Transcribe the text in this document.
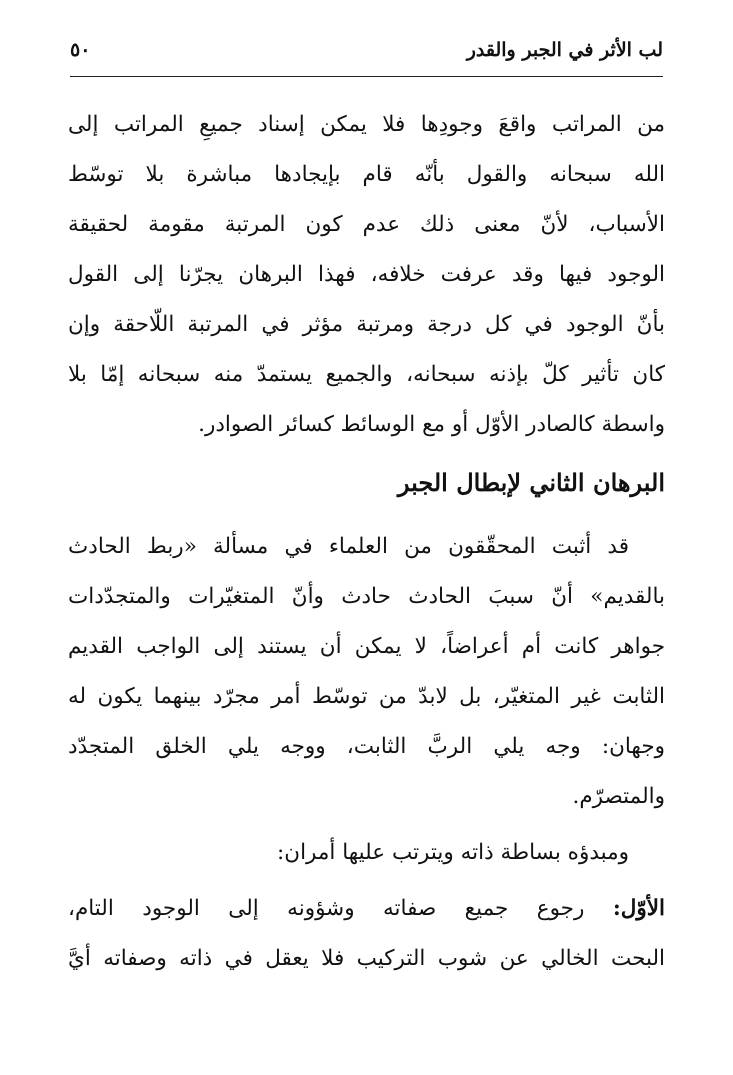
لب الأثر في الجبر والقدر
٥٠
من المراتب واقعَ وجودِها فلا يمكن إسناد جميعِ المراتب إلى
الله سبحانه والقول بأنّه قام بإيجادها مباشرة بلا توسّط
الأسباب، لأنّ معنى ذلك عدم كون المرتبة مقومة لحقيقة
الوجود فيها وقد عرفت خلافه، فهذا البرهان يجرّنا إلى القول
بأنّ الوجود في كل درجة ومرتبة مؤثر في المرتبة اللّاحقة وإن
كان تأثير كلّ بإذنه سبحانه، والجميع يستمدّ منه سبحانه إمّا بلا
واسطة كالصادر الأوّل أو مع الوسائط كسائر الصوادر.
البرهان الثاني لإبطال الجبر
قد أثبت المحقّقون من العلماء في مسألة «ربط الحادث
بالقديم» أنّ سببَ الحادث حادث وأنّ المتغيّرات والمتجدّدات
جواهر كانت أم أعراضاً، لا يمكن أن يستند إلى الواجب القديم
الثابت غير المتغيّر، بل لابدّ من توسّط أمر مجرّد بينهما يكون له
وجهان: وجه يلي الربَّ الثابت، ووجه يلي الخلق المتجدّد
والمتصرّم.
ومبدؤه بساطة ذاته ويترتب عليها أمران:
الأوّل: رجوع جميع صفاته وشؤونه إلى الوجود التام،
البحت الخالي عن شوب التركيب فلا يعقل في ذاته وصفاته أيَّ
